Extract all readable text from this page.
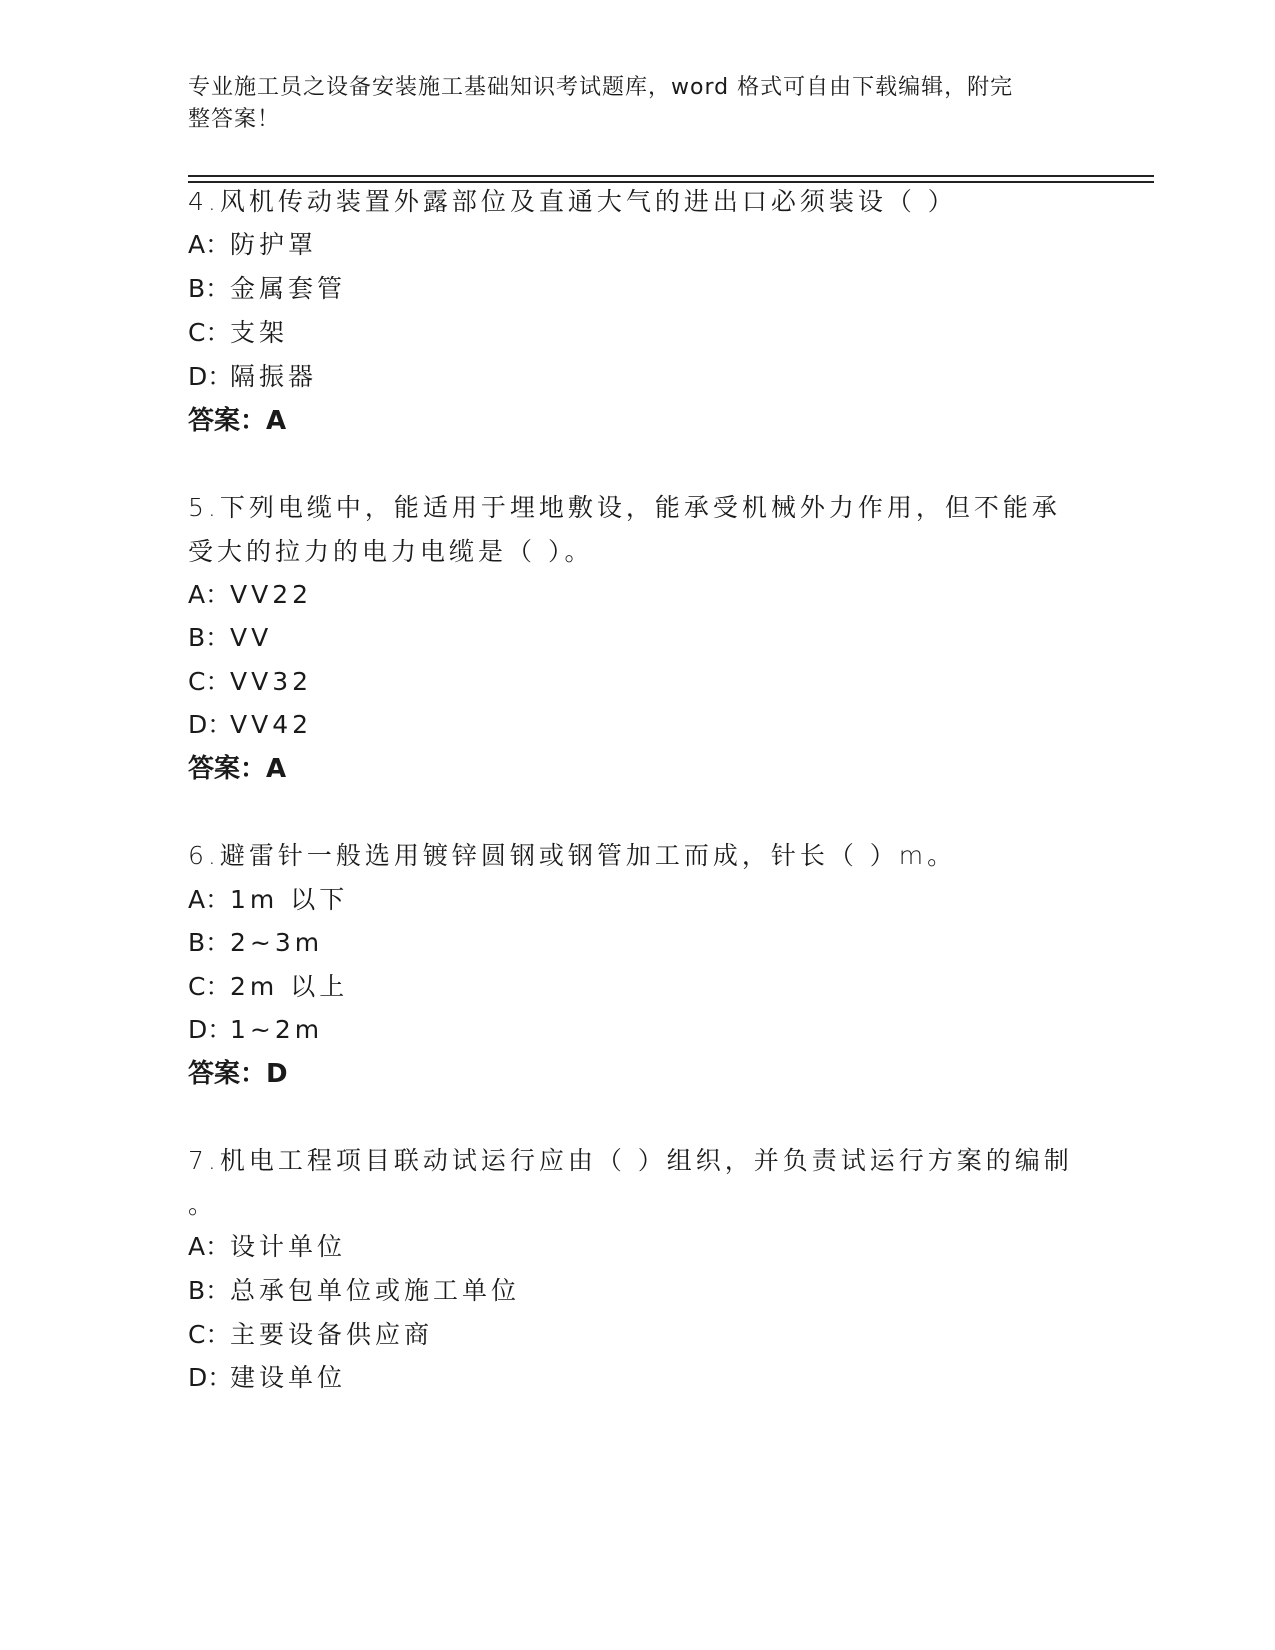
专业施工员之设备安装施工基础知识考试题库，word 格式可自由下载编辑，附完
整答案！
4.风机传动装置外露部位及直通大气的进出口必须装设（ ）
A：防护罩
B：金属套管
C：支架
D：隔振器
答案：A
5.下列电缆中，能适用于埋地敷设，能承受机械外力作用，但不能承
受大的拉力的电力电缆是（ ）。
A：VV22
B：VV
C：VV32
D：VV42
答案：A
6.避雷针一般选用镀锌圆钢或钢管加工而成，针长（ ）m。
A：1m 以下
B：2~3m
C：2m 以上
D：1~2m
答案：D
7.机电工程项目联动试运行应由（ ）组织，并负责试运行方案的编制
。
A：设计单位
B：总承包单位或施工单位
C：主要设备供应商
D：建设单位
